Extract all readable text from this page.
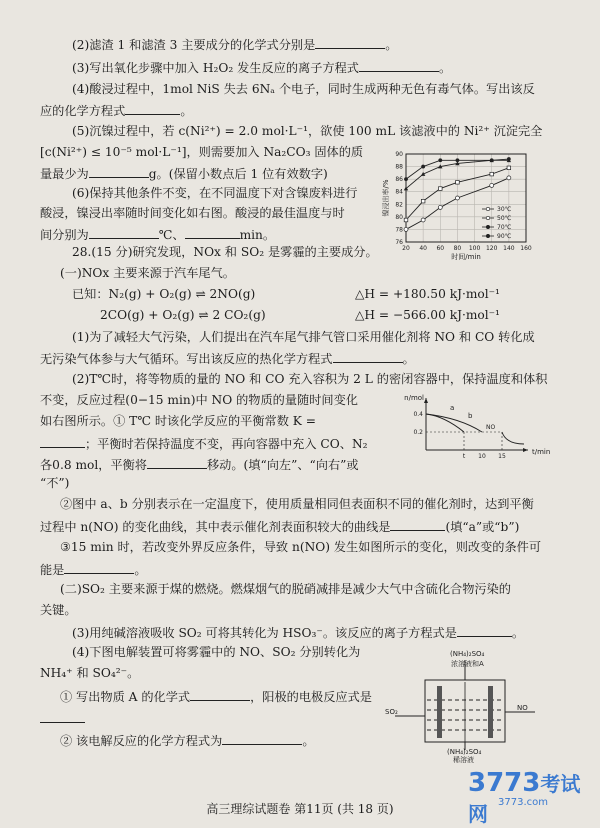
(2)滤渣 1 和滤渣 3 主要成分的化学式分别是	。
(3)写出氧化步骤中加入 H₂O₂ 发生反应的离子方程式	。
(4)酸浸过程中，1mol NiS 失去 6Nₐ 个电子，同时生成两种无色有毒气体。写出该反
应的化学方程式	。
(5)沉镍过程中，若 c(Ni²⁺) = 2.0 mol·L⁻¹，欲使 100 mL 该滤液中的 Ni²⁺ 沉淀完全
[c(Ni²⁺) ≤ 10⁻⁵ mol·L⁻¹]，则需要加入 Na₂CO₃ 固体的质
量最少为	g。(保留小数点后 1 位有效数字)
(6)保持其他条件不变，在不同温度下对含镍废料进行
酸浸，镍浸出率随时间变化如右图。酸浸的最佳温度与时
间分别为	℃、	min。
28.(15 分)研究发现，NOx 和 SO₂ 是雾霾的主要成分。
(一)NOx 主要来源于汽车尾气。
已知：N₂(g) + O₂(g) ⇌ 2NO(g)	△H = +180.50 kJ·mol⁻¹
2CO(g) + O₂(g) ⇌ 2 CO₂(g)	△H = −566.00 kJ·mol⁻¹
(1)为了减轻大气污染，人们提出在汽车尾气排气管口采用催化剂将 NO 和 CO 转化成
无污染气体参与大气循环。写出该反应的热化学方程式	。
(2)T℃时，将等物质的量的 NO 和 CO 充入容积为 2 L 的密闭容器中，保持温度和体积
不变，反应过程(0−15 min)中 NO 的物质的量随时间变化
如右图所示。① T℃ 时该化学反应的平衡常数 K =
；平衡时若保持温度不变，再向容器中充入 CO、N₂
各0.8 mol，平衡将	移动。(填“向左”、“向右”或
“不”)
②图中 a、b 分别表示在一定温度下，使用质量相同但表面积不同的催化剂时，达到平衡
过程中 n(NO) 的变化曲线，其中表示催化剂表面积较大的曲线是	(填“a”或“b”)
③15 min 时，若改变外界反应条件，导致 n(NO) 发生如图所示的变化，则改变的条件可
能是	。
(二)SO₂ 主要来源于煤的燃烧。燃煤烟气的脱硝减排是减少大气中含硫化合物污染的
关键。
(3)用纯碱溶液吸收 SO₂ 可将其转化为 HSO₃⁻。该反应的离子方程式是	。
(4)下图电解装置可将雾霾中的 NO、SO₂ 分别转化为
NH₄⁺ 和 SO₄²⁻。
① 写出物质 A 的化学式	，阳极的电极反应式是
② 该电解反应的化学方程式为	。
76
78
80
82
84
86
88
90
20 40 60 80 100 120 140 160
时间/min
镍浸出率/%	30℃
50℃
70℃
90℃
n/mol
t/min
0.4
0.2
t 10 15
a
b
NO
(NH₄)₂SO₄
浓溶液和A
SO₂	NO
(NH₄)₂SO₄
稀溶液
3773考试网	3773.com
高三理综试题卷 第11页 (共 18 页)
